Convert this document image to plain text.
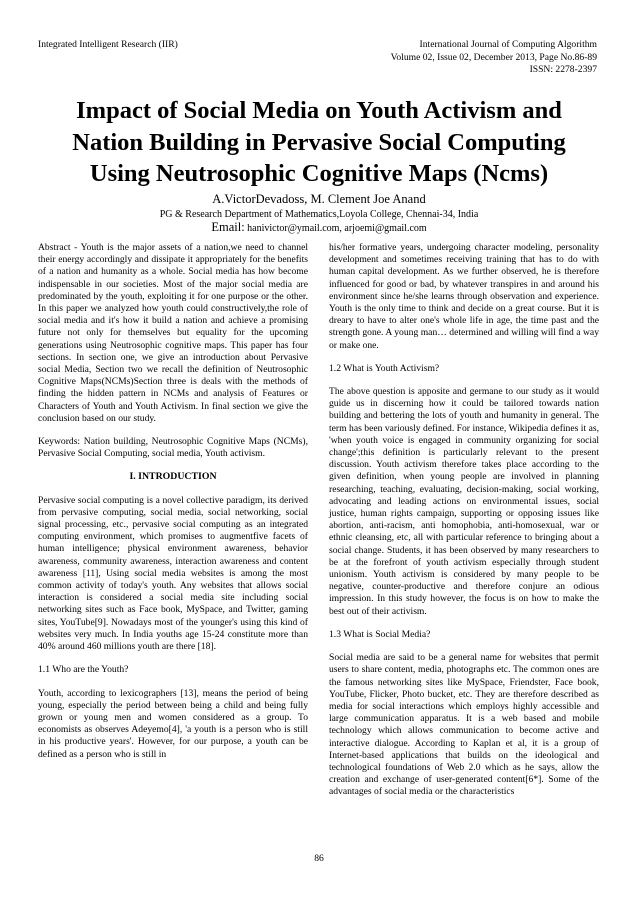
Integrated Intelligent Research (IIR)	International Journal of Computing Algorithm
Volume 02, Issue 02, December 2013, Page No.86-89
ISSN: 2278-2397
Impact of Social Media on Youth Activism and
Nation Building in Pervasive Social Computing
Using Neutrosophic Cognitive Maps (Ncms)
A.VictorDevadoss, M. Clement Joe Anand
PG & Research Department of Mathematics,Loyola College, Chennai-34, India
Email: hanivictor@ymail.com, arjoemi@gmail.com

Abstract - Youth is the major assets of a nation,we need to channel their energy accordingly and dissipate it appropriately for the benefits of a nation and humanity as a whole. Social media has how become indispensable in our societies. Most of the major social media are predominated by the youth, exploiting it for one purpose or the other. In this paper we analyzed how youth could constructively,the role of social media and it's how it build a nation and achieve a promising future not only for themselves but equality for the upcoming generations using Neutrosophic cognitive maps. This paper has four sections. In section one, we give an introduction about Pervasive social Media, Section two we recall the definition of Neutrosophic Cognitive Maps(NCMs)Section three is deals with the methods of finding the hidden pattern in NCMs and analysis of Features or Characters of Youth and Youth Activism. In final section we give the conclusion based on our study.

Keywords: Nation building, Neutrosophic Cognitive Maps (NCMs), Pervasive Social Computing, social media, Youth activism.

I. INTRODUCTION

Pervasive social computing is a novel collective paradigm, its derived from pervasive computing, social media, social networking, social signal processing, etc., pervasive social computing as an integrated computing environment, which promises to augmentfive facets of human intelligence; physical environment awareness, behavior awareness, community awareness, interaction awareness and content awareness [11], Using social media websites is among the most common activity of today's youth. Any websites that allows social interaction is considered a social media site including social networking sites such as Face book, MySpace, and Twitter, gaming sites, YouTube[9]. Nowadays most of the younger's using this kind of websites very much. In India youths age 15-24 constitute more than 40% around 460 millions youth are there [18].

1.1 Who are the Youth?

Youth, according to lexicographers [13], means the period of being young, especially the period between being a child and being fully grown or young men and women considered as a group. To economists as observes Adeyemo[4], 'a youth is a person who is still in his productive years'. However, for our purpose, a youth can be defined as a person who is still in

his/her formative years, undergoing character modeling, personality development and sometimes receiving training that has to do with human capital development. As we further observed, he is therefore influenced for good or bad, by whatever transpires in and around his environment since he/she learns through observation and experience. Youth is the only time to think and decide on a great course. But it is dreary to have to alter one's whole life in age, the time past and the strength gone. A young man… determined and willing will find a way or make one.

1.2 What is Youth Activism?

The above question is apposite and germane to our study as it would guide us in discerning how it could be tailored towards nation building and bettering the lots of youth and humanity in general. The term has been variously defined. For instance, Wikipedia defines it as, 'when youth voice is engaged in community organizing for social change';this definition is particularly relevant to the present discussion. Youth activism therefore takes place according to the given definition, when young people are involved in planning researching, teaching, evaluating, decision-making, social working, advocating and leading actions on environmental issues, social justice, human rights campaign, supporting or opposing issues like abortion, anti-racism, anti homophobia, anti-homosexual, war or ethnic cleansing, etc, all with particular reference to bringing about a social change. Students, it has been observed by many researchers to be at the forefront of youth activism especially through student unionism. Youth activism is considered by many people to be negative, counter-productive and therefore conjure an odious impression. In this study however, the focus is on how to make the best out of their activism.

1.3 What is Social Media?

Social media are said to be a general name for websites that permit users to share content, media, photographs etc. The common ones are the famous networking sites like MySpace, Friendster, Face book, YouTube, Flicker, Photo bucket, etc. They are therefore described as media for social interactions which employs highly accessible and large communication apparatus. It is a web based and mobile technology which allows communication to become active and interactive dialogue. According to Kaplan et al, it is a group of Internet-based applications that builds on the ideological and technological foundations of Web 2.0 which as he says, allow the creation and exchange of user-generated content[6*]. Some of the advantages of social media or the characteristics

86
